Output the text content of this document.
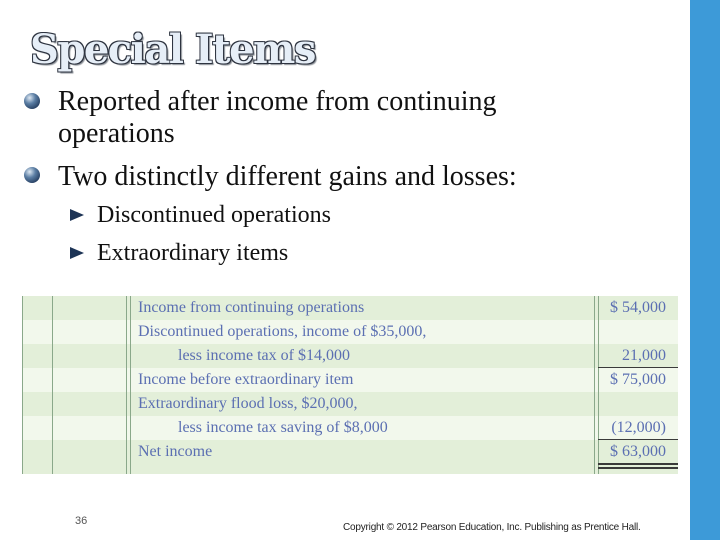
Special Items

Reported after income from continuing operations

Two distinctly different gains and losses:
Discontinued operations
Extraordinary items
Income from continuing operations	$ 54,000
Discontinued operations, income of $35,000,
less income tax of $14,000	21,000
Income before extraordinary item	$ 75,000
Extraordinary flood loss, $20,000,
less income tax saving of $8,000	(12,000)
Net income	$ 63,000
36
Copyright © 2012 Pearson Education, Inc. Publishing as Prentice Hall.
